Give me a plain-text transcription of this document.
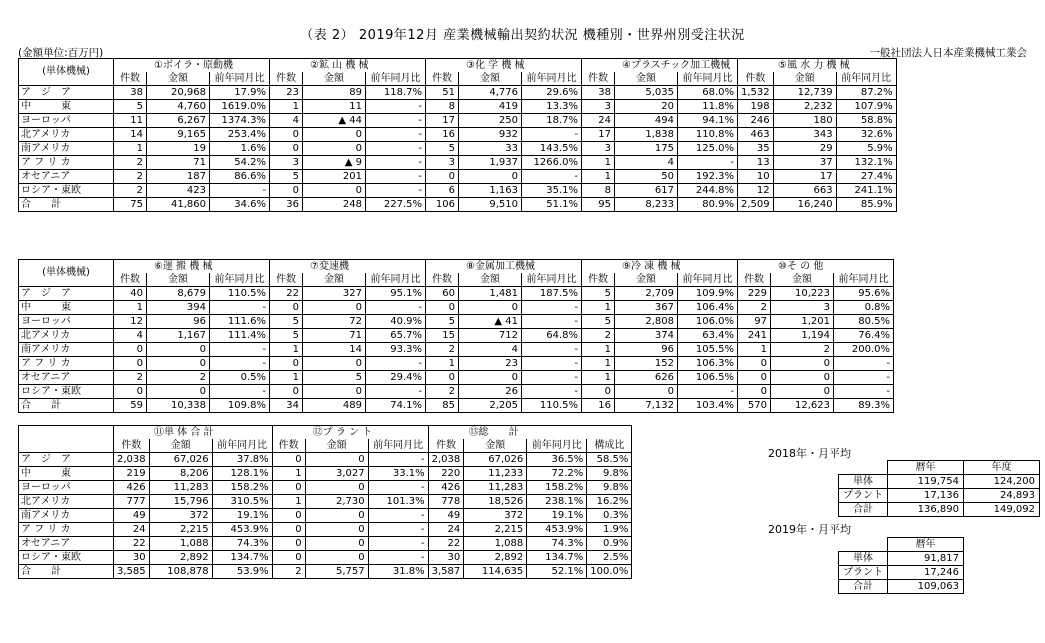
（表 2） 2019年12月 産業機械輸出契約状況 機種別・世界州別受注状況
(金額単位:百万円)	一般社団法人日本産業機械工業会
(単体機械)	①ボイラ・原動機			②鉱 山 機 械			③化 学 機 械			④プラスチック加工機械			⑤風 水 力 機 械		
	件数	金額	前年同月比	件数	金額	前年同月比	件数	金額	前年同月比	件数	金額	前年同月比	件数	金額	前年同月比
ア　ジ　ア	38	20,968	17.9%	23	89	118.7%	51	4,776	29.6%	38	5,035	68.0%	1,532	12,739	87.2%
中　　　東	5	4,760	1619.0%	1	11	-	8	419	13.3%	3	20	11.8%	198	2,232	107.9%
ヨーロッパ	11	6,267	1374.3%	4	▲ 44	-	17	250	18.7%	24	494	94.1%	246	180	58.8%
北アメリカ	14	9,165	253.4%	0	0	-	16	932	-	17	1,838	110.8%	463	343	32.6%
南アメリカ	1	19	1.6%	0	0	-	5	33	143.5%	3	175	125.0%	35	29	5.9%
ア フ リ カ	2	71	54.2%	3	▲ 9	-	3	1,937	1266.0%	1	4	-	13	37	132.1%
オセアニア	2	187	86.6%	5	201	-	0	0	-	1	50	192.3%	10	17	27.4%
ロシア・東欧	2	423	-	0	0	-	6	1,163	35.1%	8	617	244.8%	12	663	241.1%
合　　計	75	41,860	34.6%	36	248	227.5%	106	9,510	51.1%	95	8,233	80.9%	2,509	16,240	85.9%
(単体機械)	⑥運 搬 機 械			⑦変速機			⑧金属加工機械			⑨冷 凍 機 械			⑩そ の 他		
	件数	金額	前年同月比	件数	金額	前年同月比	件数	金額	前年同月比	件数	金額	前年同月比	件数	金額	前年同月比
ア　ジ　ア	40	8,679	110.5%	22	327	95.1%	60	1,481	187.5%	5	2,709	109.9%	229	10,223	95.6%
中　　　東	1	394	-	0	0	-	0	0	-	1	367	106.4%	2	3	0.8%
ヨーロッパ	12	96	111.6%	5	72	40.9%	5	▲ 41	-	5	2,808	106.0%	97	1,201	80.5%
北アメリカ	4	1,167	111.4%	5	71	65.7%	15	712	64.8%	2	374	63.4%	241	1,194	76.4%
南アメリカ	0	0	-	1	14	93.3%	2	4	-	1	96	105.5%	1	2	200.0%
ア フ リ カ	0	0	-	0	0	-	1	23	-	1	152	106.3%	0	0	-
オセアニア	2	2	0.5%	1	5	29.4%	0	0	-	1	626	106.5%	0	0	-
ロシア・東欧	0	0	-	0	0	-	2	26	-	0	0	-	0	0	-
合　　計	59	10,338	109.8%	34	489	74.1%	85	2,205	110.5%	16	7,132	103.4%	570	12,623	89.3%
	⑪単 体 合 計			⑫プ ラ ン ト			⑬総　　計			
	件数	金額	前年同月比	件数	金額	前年同月比	件数	金額	前年同月比	構成比
ア　ジ　ア	2,038	67,026	37.8%	0	0	-	2,038	67,026	36.5%	58.5%
中　　　東	219	8,206	128.1%	1	3,027	33.1%	220	11,233	72.2%	9.8%
ヨーロッパ	426	11,283	158.2%	0	0	-	426	11,283	158.2%	9.8%
北アメリカ	777	15,796	310.5%	1	2,730	101.3%	778	18,526	238.1%	16.2%
南アメリカ	49	372	19.1%	0	0	-	49	372	19.1%	0.3%
ア フ リ カ	24	2,215	453.9%	0	0	-	24	2,215	453.9%	1.9%
オセアニア	22	1,088	74.3%	0	0	-	22	1,088	74.3%	0.9%
ロシア・東欧	30	2,892	134.7%	0	0	-	30	2,892	134.7%	2.5%
合　　計	3,585	108,878	53.9%	2	5,757	31.8%	3,587	114,635	52.1%	100.0%
2018年・月平均
	暦年	年度
単体	119,754	124,200
プラント	17,136	24,893
合計	136,890	149,092
2019年・月平均
	暦年
単体	91,817
プラント	17,246
合計	109,063
